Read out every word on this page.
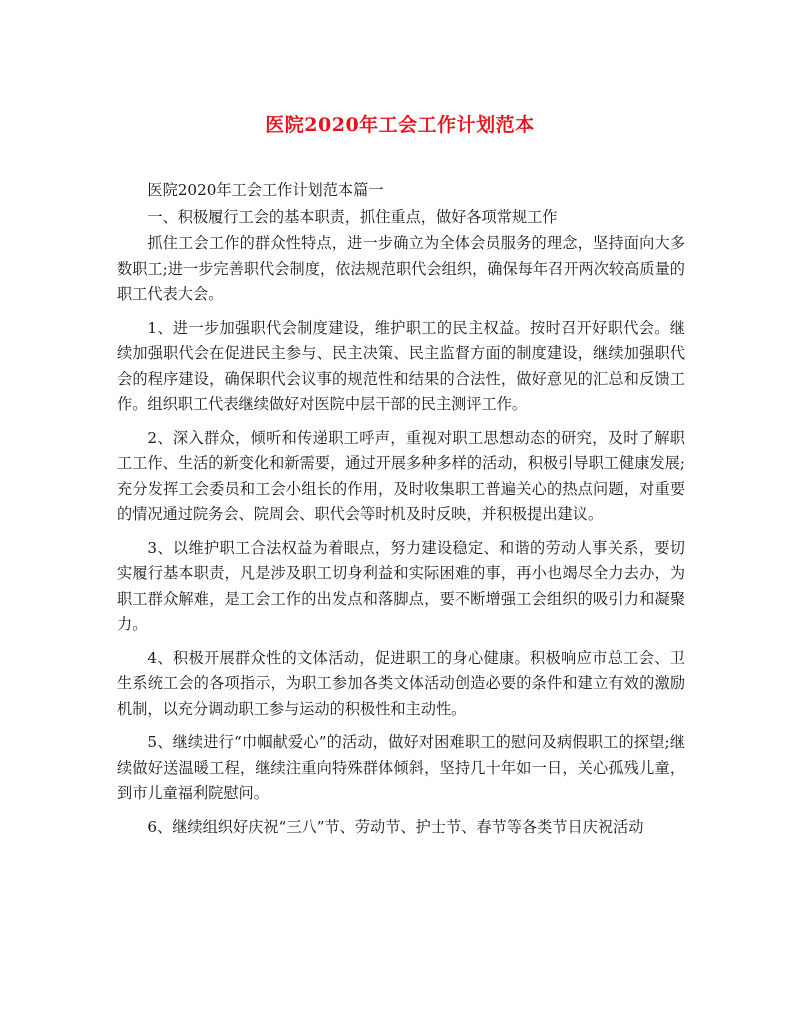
医院2020年工会工作计划范本

医院2020年工会工作计划范本篇一

一、积极履行工会的基本职责，抓住重点，做好各项常规工作

抓住工会工作的群众性特点，进一步确立为全体会员服务的理念，坚持面向大多数职工;进一步完善职代会制度，依法规范职代会组织，确保每年召开两次较高质量的职工代表大会。

1、进一步加强职代会制度建设，维护职工的民主权益。按时召开好职代会。继续加强职代会在促进民主参与、民主决策、民主监督方面的制度建设，继续加强职代会的程序建设，确保职代会议事的规范性和结果的合法性，做好意见的汇总和反馈工作。组织职工代表继续做好对医院中层干部的民主测评工作。

2、深入群众，倾听和传递职工呼声，重视对职工思想动态的研究，及时了解职工工作、生活的新变化和新需要，通过开展多种多样的活动，积极引导职工健康发展;充分发挥工会委员和工会小组长的作用，及时收集职工普遍关心的热点问题，对重要的情况通过院务会、院周会、职代会等时机及时反映，并积极提出建议。

3、以维护职工合法权益为着眼点，努力建设稳定、和谐的劳动人事关系，要切实履行基本职责，凡是涉及职工切身利益和实际困难的事，再小也竭尽全力去办，为职工群众解难，是工会工作的出发点和落脚点，要不断增强工会组织的吸引力和凝聚力。

4、积极开展群众性的文体活动，促进职工的身心健康。积极响应市总工会、卫生系统工会的各项指示，为职工参加各类文体活动创造必要的条件和建立有效的激励机制，以充分调动职工参与运动的积极性和主动性。

5、继续进行“巾帼献爱心”的活动，做好对困难职工的慰问及病假职工的探望;继续做好送温暖工程，继续注重向特殊群体倾斜，坚持几十年如一日，关心孤残儿童，到市儿童福利院慰问。

6、继续组织好庆祝“三八”节、劳动节、护士节、春节等各类节日庆祝活动
